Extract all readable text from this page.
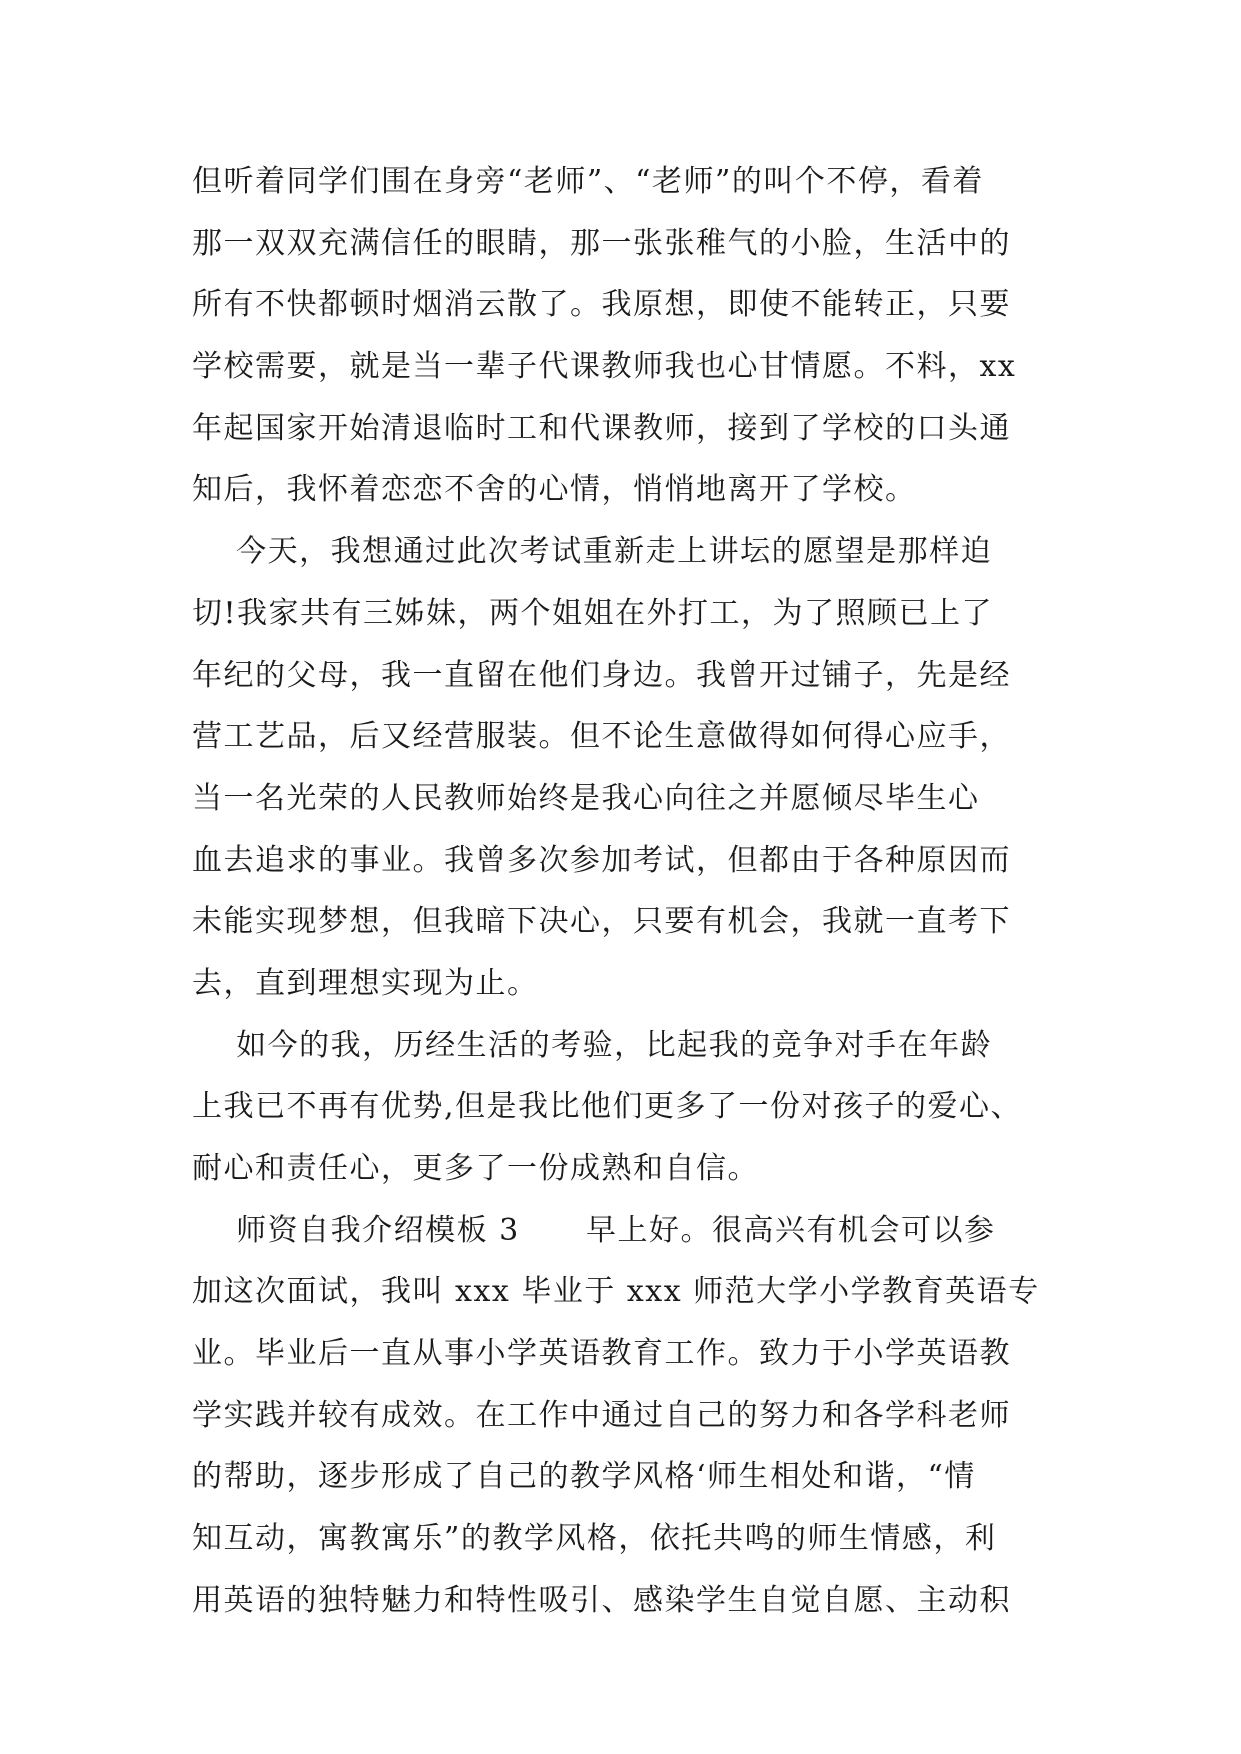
但听着同学们围在身旁“老师”、“老师”的叫个不停，看着
那一双双充满信任的眼睛，那一张张稚气的小脸，生活中的
所有不快都顿时烟消云散了。我原想，即使不能转正，只要
学校需要，就是当一辈子代课教师我也心甘情愿。不料，xx
年起国家开始清退临时工和代课教师，接到了学校的口头通
知后，我怀着恋恋不舍的心情，悄悄地离开了学校。
今天，我想通过此次考试重新走上讲坛的愿望是那样迫
切!我家共有三姊妹，两个姐姐在外打工，为了照顾已上了
年纪的父母，我一直留在他们身边。我曾开过铺子，先是经
营工艺品，后又经营服装。但不论生意做得如何得心应手，
当一名光荣的人民教师始终是我心向往之并愿倾尽毕生心
血去追求的事业。我曾多次参加考试，但都由于各种原因而
未能实现梦想，但我暗下决心，只要有机会，我就一直考下
去，直到理想实现为止。
如今的我，历经生活的考验，比起我的竞争对手在年龄
上我已不再有优势,但是我比他们更多了一份对孩子的爱心、
耐心和责任心，更多了一份成熟和自信。
师资自我介绍模板 3      早上好。很高兴有机会可以参
加这次面试，我叫 xxx 毕业于 xxx 师范大学小学教育英语专
业。毕业后一直从事小学英语教育工作。致力于小学英语教
学实践并较有成效。在工作中通过自己的努力和各学科老师
的帮助，逐步形成了自己的教学风格‘师生相处和谐，“情
知互动，寓教寓乐”的教学风格，依托共鸣的师生情感，利
用英语的独特魅力和特性吸引、感染学生自觉自愿、主动积
